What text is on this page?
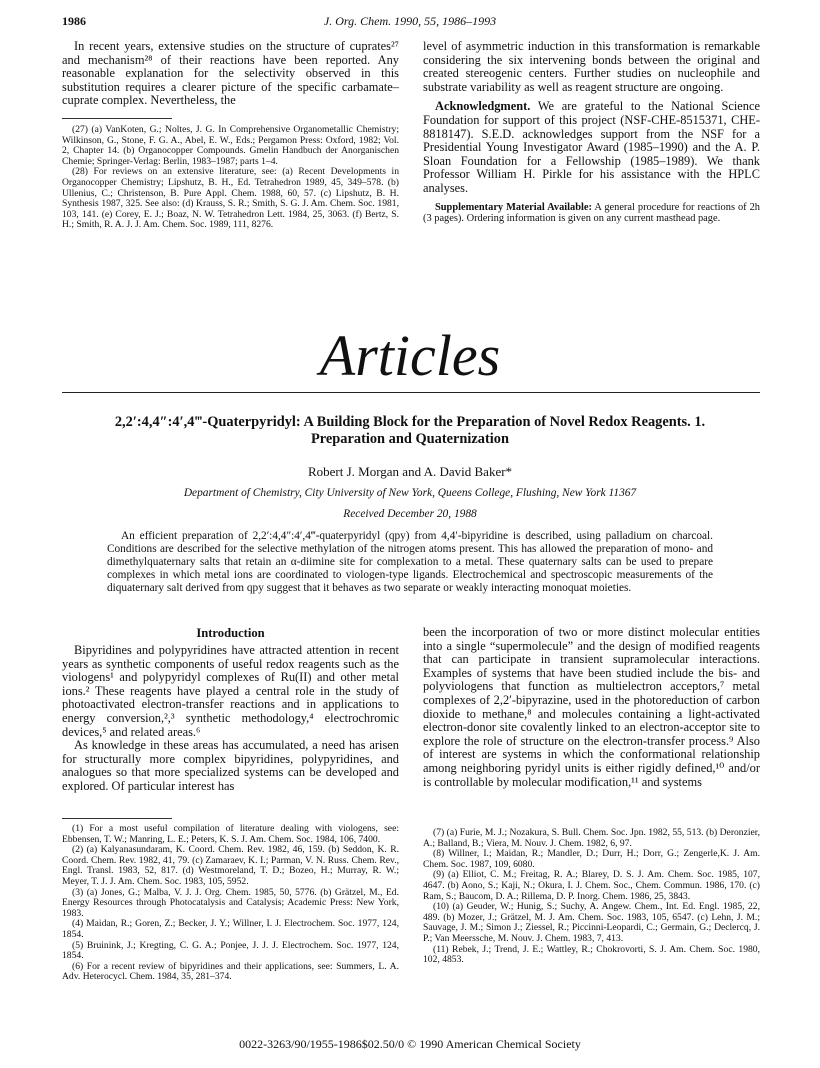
1986	J. Org. Chem. 1990, 55, 1986–1993

In recent years, extensive studies on the structure of cuprates²⁷ and mechanism²⁸ of their reactions have been reported. Any reasonable explanation for the selectivity observed in this substitution requires a clearer picture of the specific carbamate–cuprate complex. Nevertheless, the

(27) (a) VanKoten, G.; Noltes, J. G. In Comprehensive Organometallic Chemistry; Wilkinson, G., Stone, F. G. A., Abel, E. W., Eds.; Pergamon Press: Oxford, 1982; Vol. 2, Chapter 14. (b) Organocopper Compounds. Gmelin Handbuch der Anorganischen Chemie; Springer-Verlag: Berlin, 1983–1987; parts 1–4.

(28) For reviews on an extensive literature, see: (a) Recent Developments in Organocopper Chemistry; Lipshutz, B. H., Ed. Tetrahedron 1989, 45, 349–578. (b) Ullenius, C.; Christenson, B. Pure Appl. Chem. 1988, 60, 57. (c) Lipshutz, B. H. Synthesis 1987, 325. See also: (d) Krauss, S. R.; Smith, S. G. J. Am. Chem. Soc. 1981, 103, 141. (e) Corey, E. J.; Boaz, N. W. Tetrahedron Lett. 1984, 25, 3063. (f) Bertz, S. H.; Smith, R. A. J. J. Am. Chem. Soc. 1989, 111, 8276.

level of asymmetric induction in this transformation is remarkable considering the six intervening bonds between the original and created stereogenic centers. Further studies on nucleophile and substrate variability as well as reagent structure are ongoing.

Acknowledgment. We are grateful to the National Science Foundation for support of this project (NSF-CHE-8515371, CHE-8818147). S.E.D. acknowledges support from the NSF for a Presidential Young Investigator Award (1985–1990) and the A. P. Sloan Foundation for a Fellowship (1985–1989). We thank Professor William H. Pirkle for his assistance with the HPLC analyses.

Supplementary Material Available: A general procedure for reactions of 2h (3 pages). Ordering information is given on any current masthead page.

Articles
2,2′:4,4″:4′,4‴-Quaterpyridyl: A Building Block for the Preparation of Novel Redox Reagents. 1. Preparation and Quaternization
Robert J. Morgan and A. David Baker*
Department of Chemistry, City University of New York, Queens College, Flushing, New York 11367
Received December 20, 1988

An efficient preparation of 2,2′:4,4″:4′,4‴-quaterpyridyl (qpy) from 4,4′-bipyridine is described, using palladium on charcoal. Conditions are described for the selective methylation of the nitrogen atoms present. This has allowed the preparation of mono- and dimethylquaternary salts that retain an α-diimine site for complexation to a metal. These quaternary salts can be used to prepare complexes in which metal ions are coordinated to viologen-type ligands. Electrochemical and spectroscopic measurements of the diquaternary salt derived from qpy suggest that it behaves as two separate or weakly interacting monoquat moieties.

Introduction

Bipyridines and polypyridines have attracted attention in recent years as synthetic components of useful redox reagents such as the viologens¹ and polypyridyl complexes of Ru(II) and other metal ions.² These reagents have played a central role in the study of photoactivated electron-transfer reactions and in applications to energy conversion,²,³ synthetic methodology,⁴ electrochromic devices,⁵ and related areas.⁶

As knowledge in these areas has accumulated, a need has arisen for structurally more complex bipyridines, polypyridines, and analogues so that more specialized systems can be developed and explored. Of particular interest has

been the incorporation of two or more distinct molecular entities into a single “supermolecule” and the design of modified reagents that can participate in transient supramolecular interactions. Examples of systems that have been studied include the bis- and polyviologens that function as multielectron acceptors,⁷ metal complexes of 2,2′-bipyrazine, used in the photoreduction of carbon dioxide to methane,⁸ and molecules containing a light-activated electron-donor site covalently linked to an electron-acceptor site to explore the role of structure on the electron-transfer process.⁹ Also of interest are systems in which the conformational relationship among neighboring pyridyl units is either rigidly defined,¹⁰ and/or is controllable by molecular modification,¹¹ and systems

(1) For a most useful compilation of literature dealing with viologens, see: Ebbensen, T. W.; Manring, L. E.; Peters, K. S. J. Am. Chem. Soc. 1984, 106, 7400.

(2) (a) Kalyanasundaram, K. Coord. Chem. Rev. 1982, 46, 159. (b) Seddon, K. R. Coord. Chem. Rev. 1982, 41, 79. (c) Zamaraev, K. I.; Parman, V. N. Russ. Chem. Rev., Engl. Transl. 1983, 52, 817. (d) Westmoreland, T. D.; Bozeo, H.; Murray, R. W.; Meyer, T. J. J. Am. Chem. Soc. 1983, 105, 5952.

(3) (a) Jones, G.; Malba, V. J. J. Org. Chem. 1985, 50, 5776. (b) Grätzel, M., Ed. Energy Resources through Photocatalysis and Catalysis; Academic Press: New York, 1983.

(4) Maidan, R.; Goren, Z.; Becker, J. Y.; Willner, I. J. Electrochem. Soc. 1977, 124, 1854.

(5) Bruinink, J.; Kregting, C. G. A.; Ponjee, J. J. J. Electrochem. Soc. 1977, 124, 1854.

(6) For a recent review of bipyridines and their applications, see: Summers, L. A. Adv. Heterocycl. Chem. 1984, 35, 281–374.

(7) (a) Furie, M. J.; Nozakura, S. Bull. Chem. Soc. Jpn. 1982, 55, 513. (b) Deronzier, A.; Balland, B.; Viera, M. Nouv. J. Chem. 1982, 6, 97.

(8) Willner, I.; Maidan, R.; Mandler, D.; Durr, H.; Dorr, G.; Zengerle,K. J. Am. Chem. Soc. 1987, 109, 6080.

(9) (a) Elliot, C. M.; Freitag, R. A.; Blarey, D. S. J. Am. Chem. Soc. 1985, 107, 4647. (b) Aono, S.; Kaji, N.; Okura, I. J. Chem. Soc., Chem. Commun. 1986, 170. (c) Ram, S.; Baucom, D. A.; Rillema, D. P. Inorg. Chem. 1986, 25, 3843.

(10) (a) Geuder, W.; Hunig, S.; Suchy, A. Angew. Chem., Int. Ed. Engl. 1985, 22, 489. (b) Mozer, J.; Grätzel, M. J. Am. Chem. Soc. 1983, 105, 6547. (c) Lehn, J. M.; Sauvage, J. M.; Simon J.; Ziessel, R.; Piccinni-Leopardi, C.; Germain, G.; Declercq, J. P.; Van Meerssche, M. Nouv. J. Chem. 1983, 7, 413.

(11) Rebek, J.; Trend, J. E.; Wattley, R.; Chokrovorti, S. J. Am. Chem. Soc. 1980, 102, 4853.

0022-3263/90/1955-1986$02.50/0 © 1990 American Chemical Society
